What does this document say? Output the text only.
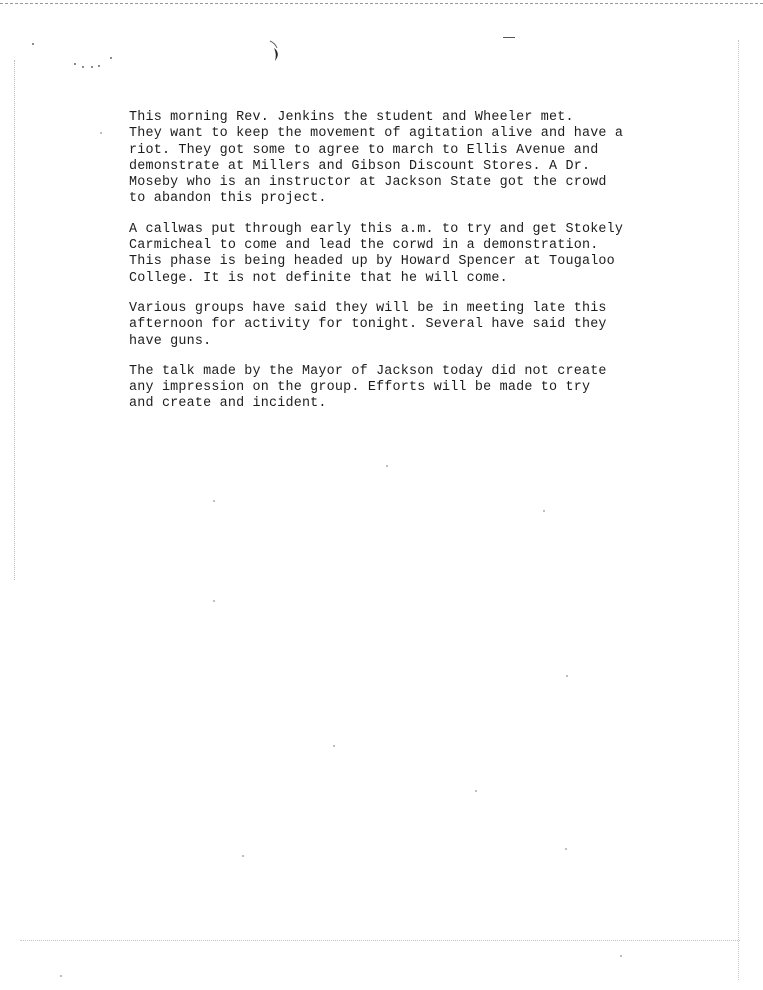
This morning Rev. Jenkins the student and Wheeler met.
They want to keep the movement of agitation alive and have a
riot. They got some to agree to march to Ellis Avenue and
demonstrate at Millers and Gibson Discount Stores. A Dr.
Moseby who is an instructor at Jackson State got the crowd
to abandon this project.

A callwas put through early this a.m. to try and get Stokely
Carmicheal to come and lead the corwd in a demonstration.
This phase is being headed up by Howard Spencer at Tougaloo
College. It is not definite that he will come.

Various groups have said they will be in meeting late this
afternoon for activity for tonight. Several have said they
have guns.

The talk made by the Mayor of Jackson today did not create
any impression on the group. Efforts will be made to try
and create and incident.
